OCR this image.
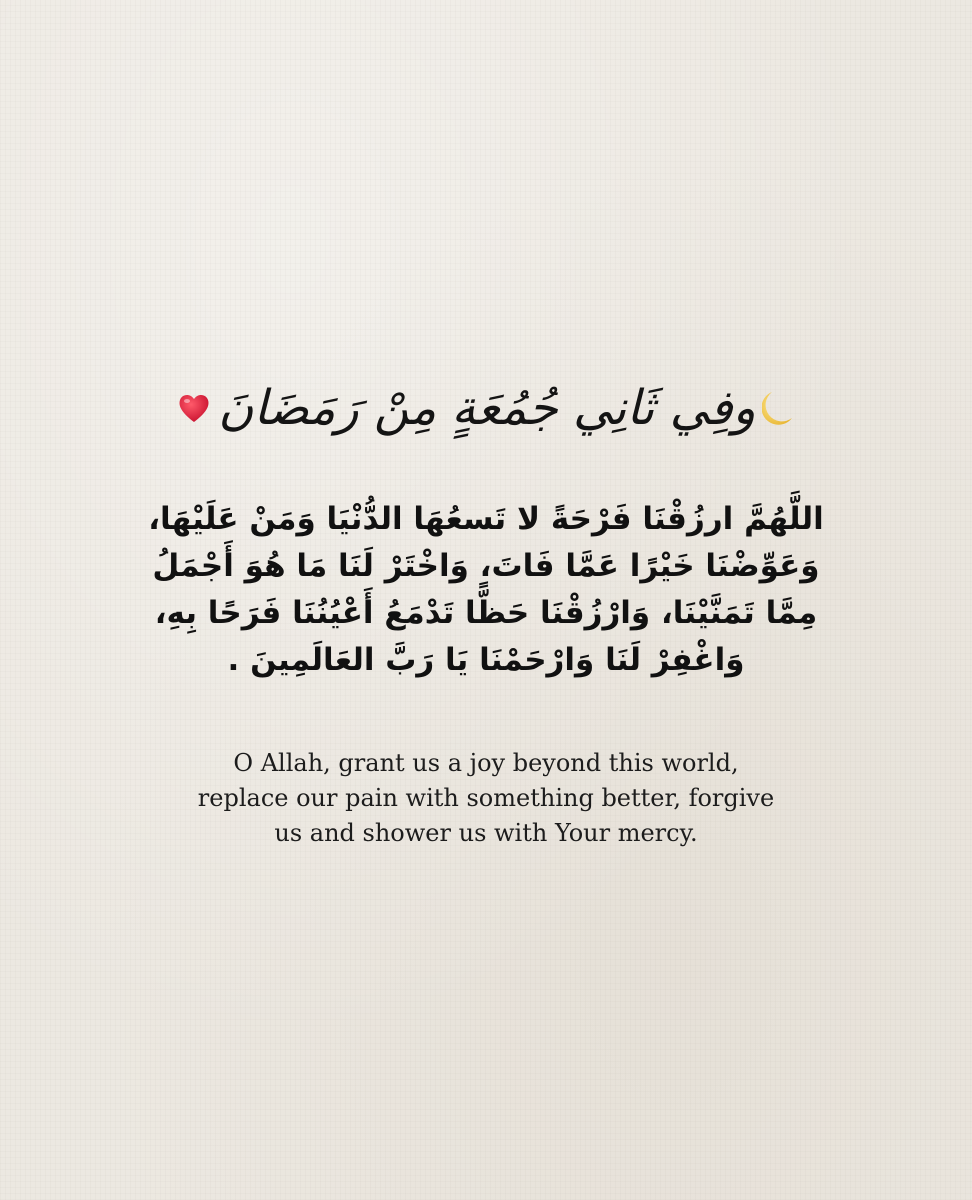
وفِي ثَانِي جُمُعَةٍ مِنْ رَمَضَانَ
اللَّهُمَّ ارزُقْنَا فَرْحَةً لا تَسعُهَا الدُّنْيَا وَمَنْ عَلَيْهَا،
وَعَوِّضْنَا خَيْرًا عَمَّا فَاتَ، وَاخْتَرْ لَنَا مَا هُوَ أَجْمَلُ
مِمَّا تَمَنَّيْنَا، وَارْزُقْنَا حَظًّا تَدْمَعُ أَعْيُنُنَا فَرَحًا بِهِ،
وَاغْفِرْ لَنَا وَارْحَمْنَا يَا رَبَّ العَالَمِينَ .
O Allah, grant us a joy beyond this world,
replace our pain with something better, forgive
us and shower us with Your mercy.
